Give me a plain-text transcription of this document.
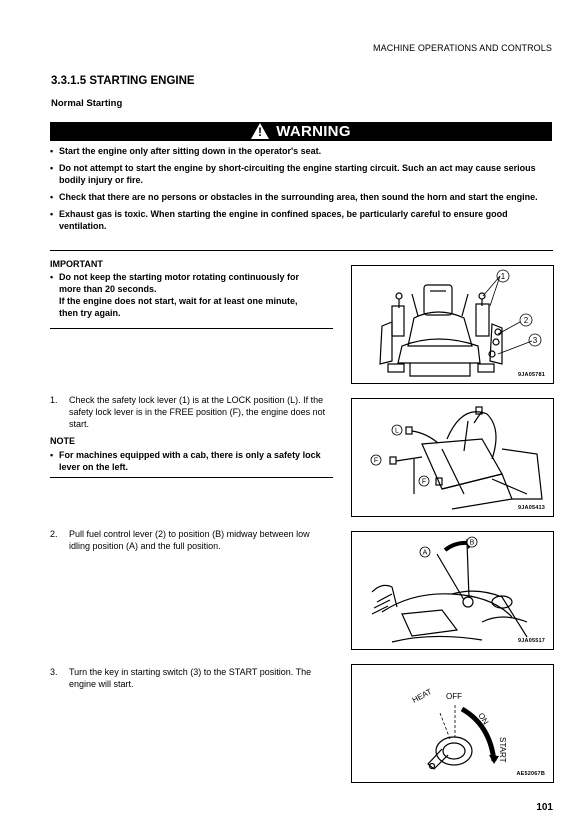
MACHINE OPERATIONS AND CONTROLS
3.3.1.5 STARTING ENGINE
Normal Starting
! WARNING
• Start the engine only after sitting down in the operator's seat.
• Do not attempt to start the engine by short-circuiting the engine starting circuit. Such an act may cause serious bodily injury or fire.
• Check that there are no persons or obstacles in the surrounding area, then sound the horn and start the engine.
• Exhaust gas is toxic. When starting the engine in confined spaces, be particularly careful to ensure good ventilation.
IMPORTANT
• Do not keep the starting motor rotating continuously for
more than 20 seconds.
If the engine does not start, wait for at least one minute,
then try again.
1
2
3
9JA05781
1.	Check the safety lock lever (1) is at the LOCK position (L). If the safety lock lever is in the FREE position (F), the engine does not start.
NOTE
• For machines equipped with a cab, there is only a safety lock lever on the left.
L
F
F
9JA05413
2.	Pull fuel control lever (2) to position (B) midway between low idling position (A) and the full position.
A
B
9JA05517
3.	Turn the key in starting switch (3) to the START position. The engine will start.
HEAT OFF
ON
START
AE52067B
101
